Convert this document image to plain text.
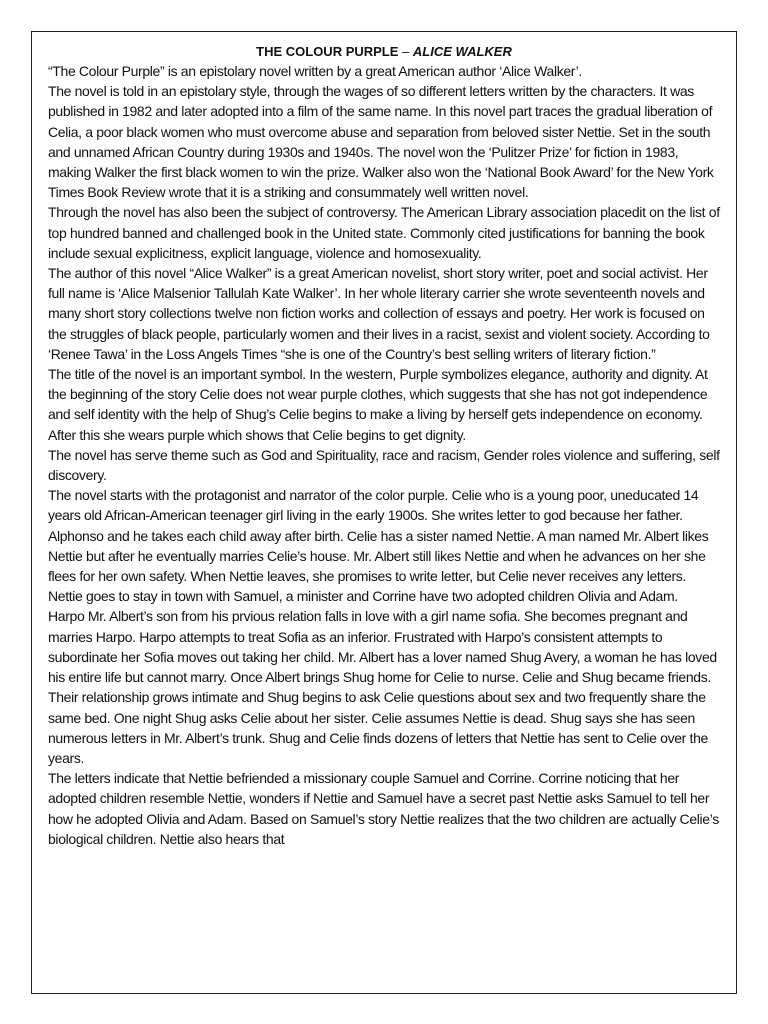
THE COLOUR PURPLE – ALICE WALKER

“The Colour Purple” is an epistolary novel written by a great American author ‘Alice Walker’.

The novel is told in an epistolary style, through the wages of so different letters written by the characters. It was published in 1982 and later adopted into a film of the same name. In this novel part traces the gradual liberation of Celia, a poor black women who must overcome abuse and separation from beloved sister Nettie. Set in the south and unnamed African Country during 1930s and 1940s. The novel won the ‘Pulitzer Prize’ for fiction in 1983, making Walker the first black women to win the prize. Walker also won the ‘National Book Award’ for the New York Times Book Review wrote that it is a striking and consummately well written novel.

Through the novel has also been the subject of controversy. The American Library association placedit on the list of top hundred banned and challenged book in the United state. Commonly cited justifications for banning the book include sexual explicitness, explicit language, violence and homosexuality.

The author of this novel “Alice Walker” is a great American novelist, short story writer, poet and social activist. Her full name is ‘Alice Malsenior Tallulah Kate Walker’. In her whole literary carrier she wrote seventeenth novels and many short story collections twelve non fiction works and collection of essays and poetry. Her work is focused on the struggles of black people, particularly women and their lives in a racist, sexist and violent society. According to ‘Renee Tawa’ in the Loss Angels Times “she is one of the Country’s best selling writers of literary fiction.”

The title of the novel is an important symbol. In the western, Purple symbolizes elegance, authority and dignity. At the beginning of the story Celie does not wear purple clothes, which suggests that she has not got independence and self identity with the help of Shug’s Celie begins to make a living by herself gets independence on economy. After this she wears purple which shows that Celie begins to get dignity.

The novel has serve theme such as God and Spirituality, race and racism, Gender roles violence and suffering, self discovery.

The novel starts with the protagonist and narrator of the color purple. Celie who is a young poor, uneducated 14 years old African-American teenager girl living in the early 1900s. She writes letter to god because her father. Alphonso and he takes each child away after birth. Celie has a sister named Nettie. A man named Mr. Albert likes Nettie but after he eventually marries Celie’s house. Mr. Albert still likes Nettie and when he advances on her she flees for her own safety. When Nettie leaves, she promises to write letter, but Celie never receives any letters. Nettie goes to stay in town with Samuel, a minister and Corrine have two adopted children Olivia and Adam.

Harpo Mr. Albert’s son from his prvious relation falls in love with a girl name sofia. She becomes pregnant and marries Harpo. Harpo attempts to treat Sofia as an inferior. Frustrated with Harpo’s consistent attempts to subordinate her Sofia moves out taking her child. Mr. Albert has a lover named Shug Avery, a woman he has loved his entire life but cannot marry. Once Albert brings Shug home for Celie to nurse. Celie and Shug became friends. Their relationship grows intimate and Shug begins to ask Celie questions about sex and two frequently share the same bed. One night Shug asks Celie about her sister. Celie assumes Nettie is dead. Shug says she has seen numerous letters in Mr. Albert’s trunk. Shug and Celie finds dozens of letters that Nettie has sent to Celie over the years.

The letters indicate that Nettie befriended a missionary couple Samuel and Corrine. Corrine noticing that her adopted children resemble Nettie, wonders if Nettie and Samuel have a secret past Nettie asks Samuel to tell her how he adopted Olivia and Adam. Based on Samuel’s story Nettie realizes that the two children are actually Celie’s biological children. Nettie also hears that
